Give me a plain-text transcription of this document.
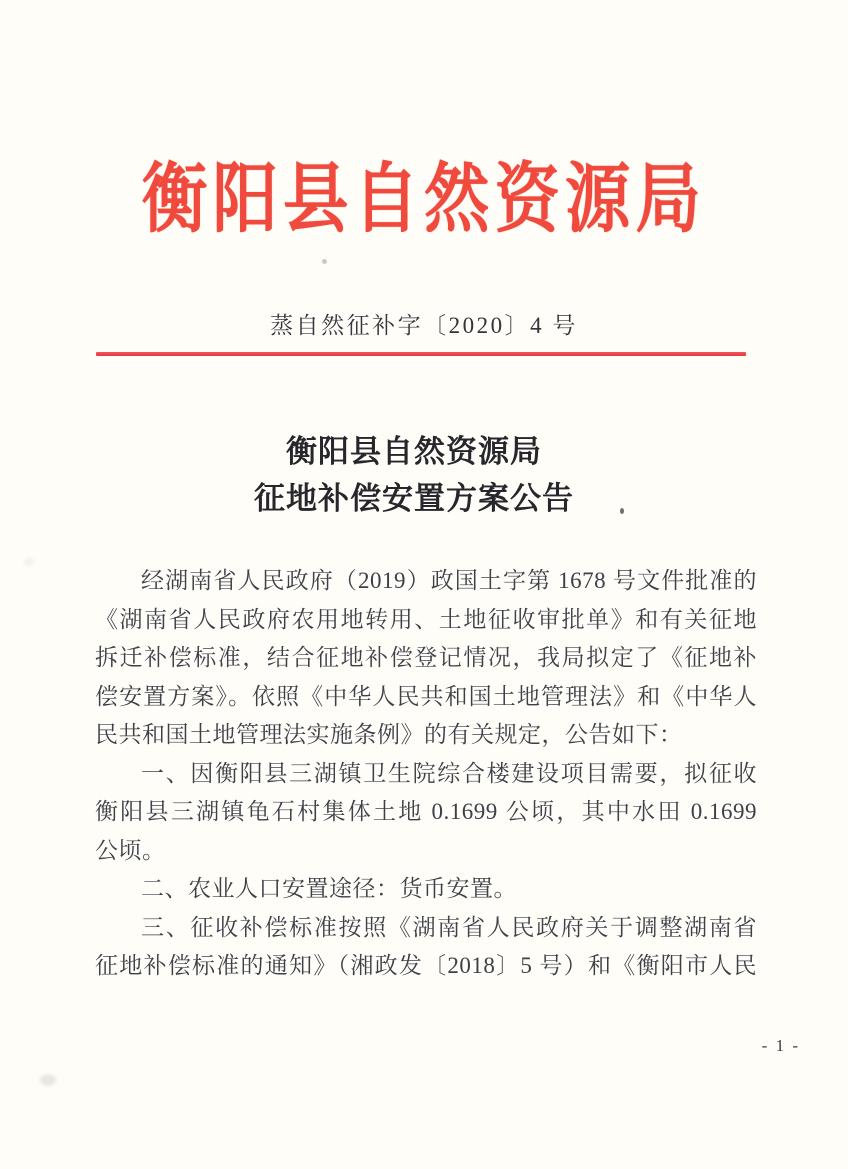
衡阳县自然资源局
蒸自然征补字〔2020〕4 号
衡阳县自然资源局
征地补偿安置方案公告
经湖南省人民政府（2019）政国土字第 1678 号文件批准的
《湖南省人民政府农用地转用、土地征收审批单》和有关征地
拆迁补偿标准，结合征地补偿登记情况，我局拟定了《征地补
偿安置方案》。依照《中华人民共和国土地管理法》和《中华人
民共和国土地管理法实施条例》的有关规定，公告如下：
一、因衡阳县三湖镇卫生院综合楼建设项目需要，拟征收
衡阳县三湖镇龟石村集体土地 0.1699 公顷，其中水田 0.1699
公顷。
二、农业人口安置途径：货币安置。
三、征收补偿标准按照《湖南省人民政府关于调整湖南省
征地补偿标准的通知》（湘政发〔2018〕5 号）和《衡阳市人民
- 1 -
